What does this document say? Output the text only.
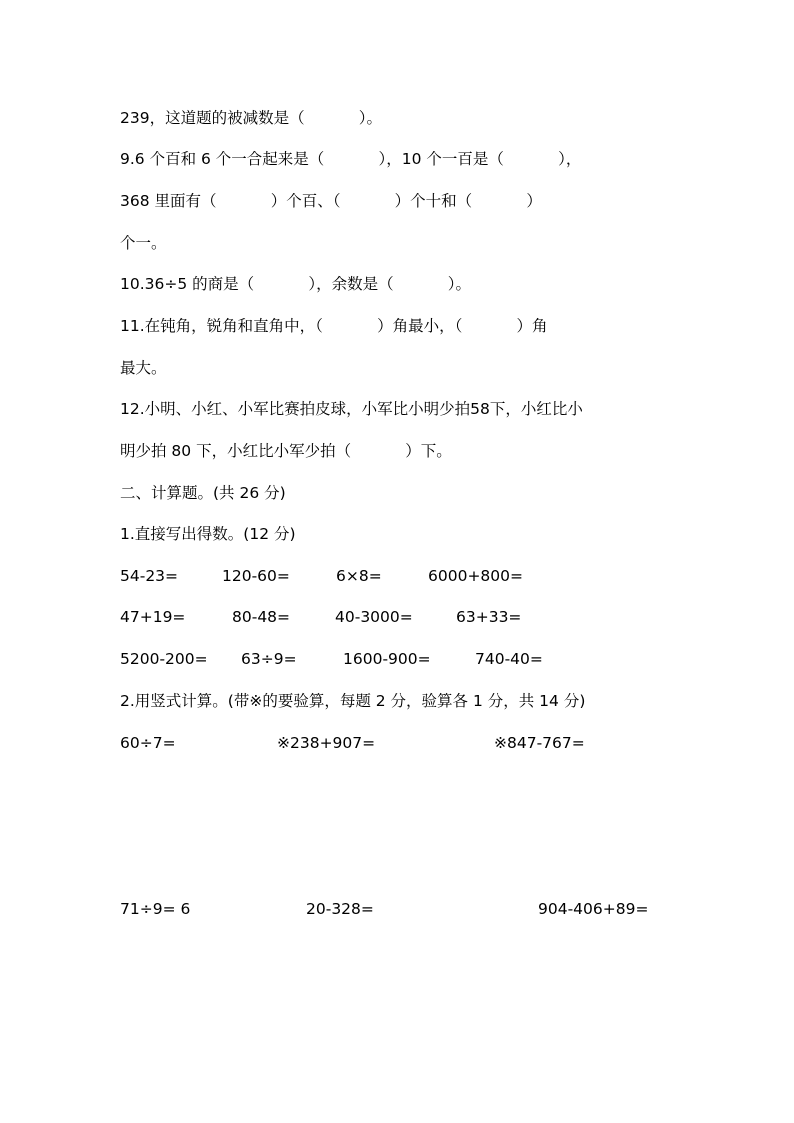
239，这道题的被减数是（           ）。
9.6 个百和 6 个一合起来是（           ），10 个一百是（           ），
368 里面有（           ）个百、（           ）个十和（           ）
个一。
10.36÷5 的商是（           ），余数是（           ）。
11.在钝角，锐角和直角中，（           ）角最小，（           ）角
最大。
12.小明、小红、小军比赛拍皮球，小军比小明少拍58下，小红比小
明少拍 80 下，小红比小军少拍（           ）下。
二、计算题。(共 26 分)
1.直接写出得数。(12 分)
54-23=	120-60=	6×8=	6000+800=
47+19=	80-48=	40-3000=	63+33=
5200-200= 63÷9=	1600-900=	740-40=
2.用竖式计算。(带※的要验算，每题 2 分，验算各 1 分，共 14 分)
60÷7=	※238+907=	※847-767=
71÷9= 6	20-328=	904-406+89=
